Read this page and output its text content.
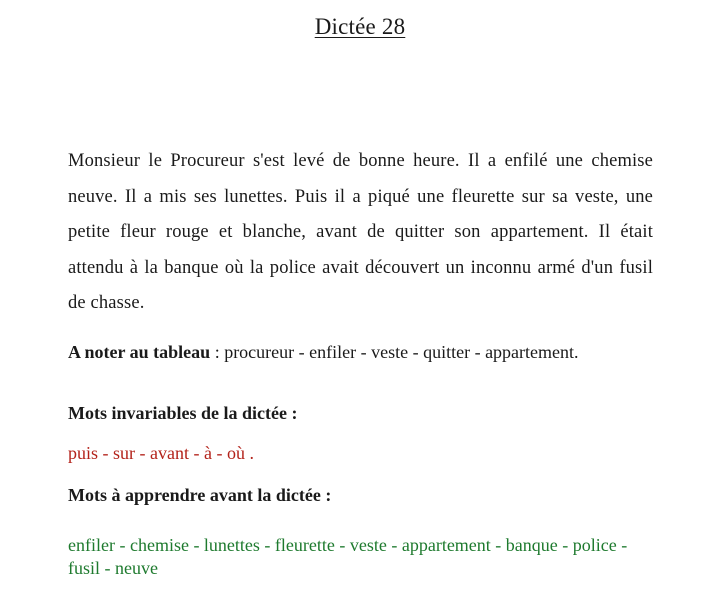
Dictée 28

Monsieur le Procureur s'est levé de bonne heure. Il a enfilé une chemise neuve. Il a mis ses lunettes. Puis il a piqué une fleurette sur sa veste, une petite fleur rouge et blanche, avant de quitter son appartement. Il était attendu à la banque où la police avait découvert un inconnu armé d'un fusil de chasse.

A noter au tableau : procureur - enfiler - veste - quitter - appartement.
Mots invariables de la dictée :
puis - sur - avant - à - où .
Mots à apprendre avant la dictée :
enfiler - chemise - lunettes - fleurette - veste - appartement - banque - police - fusil - neuve
